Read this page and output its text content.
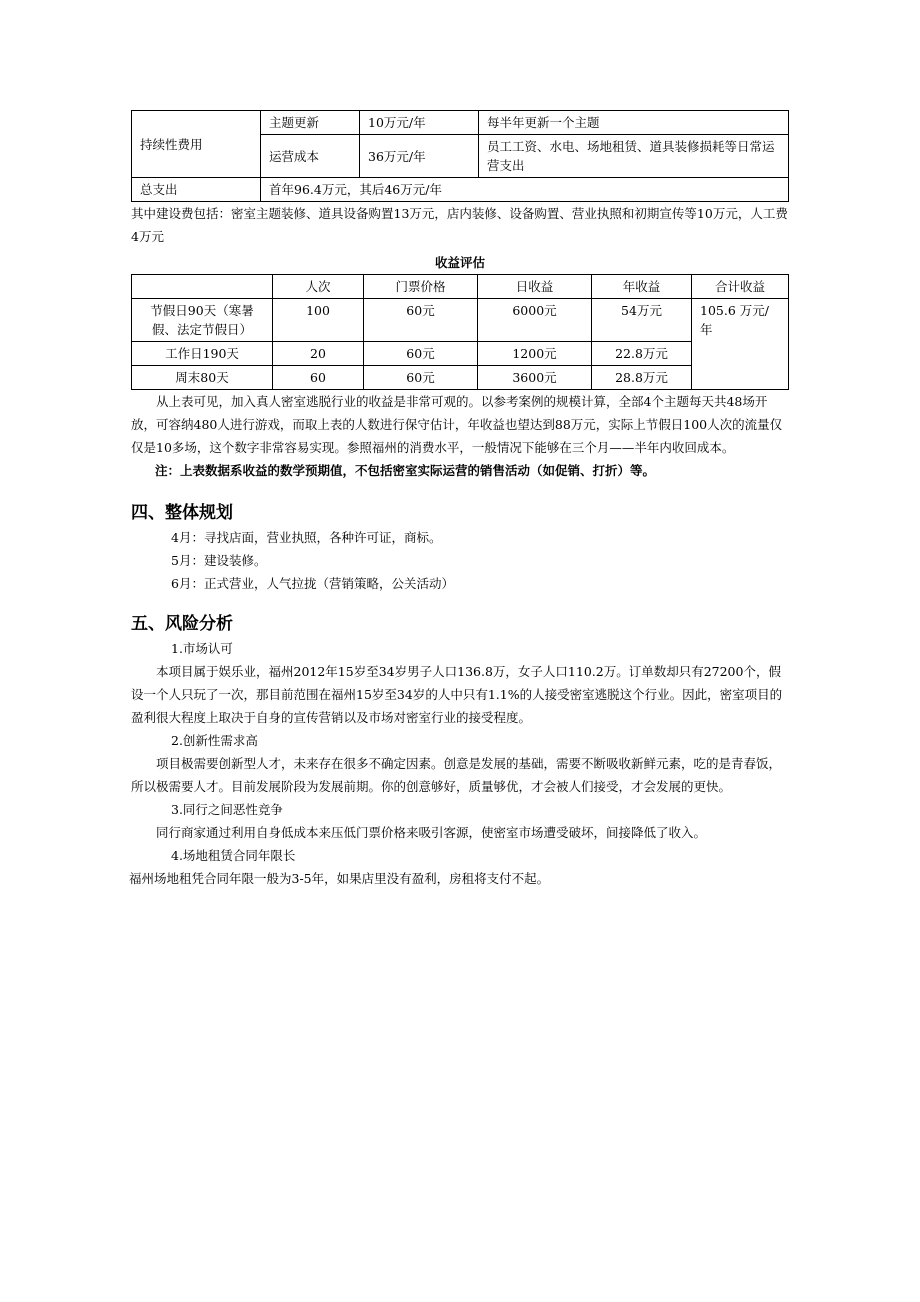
持续性费用	主题更新	10万元/年	每半年更新一个主题
	运营成本	36万元/年	员工工资、水电、场地租赁、道具装修损耗等日常运营支出
总支出	首年96.4万元，其后46万元/年		

其中建设费包括：密室主题装修、道具设备购置13万元，店内装修、设备购置、营业执照和初期宣传等10万元，人工费4万元

收益评估
	人次	门票价格	日收益	年收益	合计收益
节假日90天（寒暑假、法定节假日）	100	60元	6000元	54万元	105.6 万元/年
工作日190天	20	60元	1200元	22.8万元	
周末80天	60	60元	3600元	28.8万元	

从上表可见，加入真人密室逃脱行业的收益是非常可观的。以参考案例的规模计算，全部4个主题每天共48场开放，可容纳480人进行游戏，而取上表的人数进行保守估计，年收益也望达到88万元，实际上节假日100人次的流量仅仅是10多场，这个数字非常容易实现。参照福州的消费水平，一般情况下能够在三个月——半年内收回成本。

注：上表数据系收益的数学预期值，不包括密室实际运营的销售活动（如促销、打折）等。

四、整体规划

4月：寻找店面，营业执照，各种许可证，商标。

5月：建设装修。

6月：正式营业，人气拉拢（营销策略，公关活动）

五、风险分析

1.市场认可

本项目属于娱乐业，福州2012年15岁至34岁男子人口136.8万，女子人口110.2万。订单数却只有27200个，假设一个人只玩了一次，那目前范围在福州15岁至34岁的人中只有1.1%的人接受密室逃脱这个行业。因此，密室项目的盈利很大程度上取决于自身的宣传营销以及市场对密室行业的接受程度。

2.创新性需求高

项目极需要创新型人才，未来存在很多不确定因素。创意是发展的基础，需要不断吸收新鲜元素，吃的是青春饭，所以极需要人才。目前发展阶段为发展前期。你的创意够好，质量够优，才会被人们接受，才会发展的更快。

3.同行之间恶性竞争

同行商家通过利用自身低成本来压低门票价格来吸引客源，使密室市场遭受破坏，间接降低了收入。

4.场地租赁合同年限长

福州场地租凭合同年限一般为3-5年，如果店里没有盈利，房租将支付不起。
